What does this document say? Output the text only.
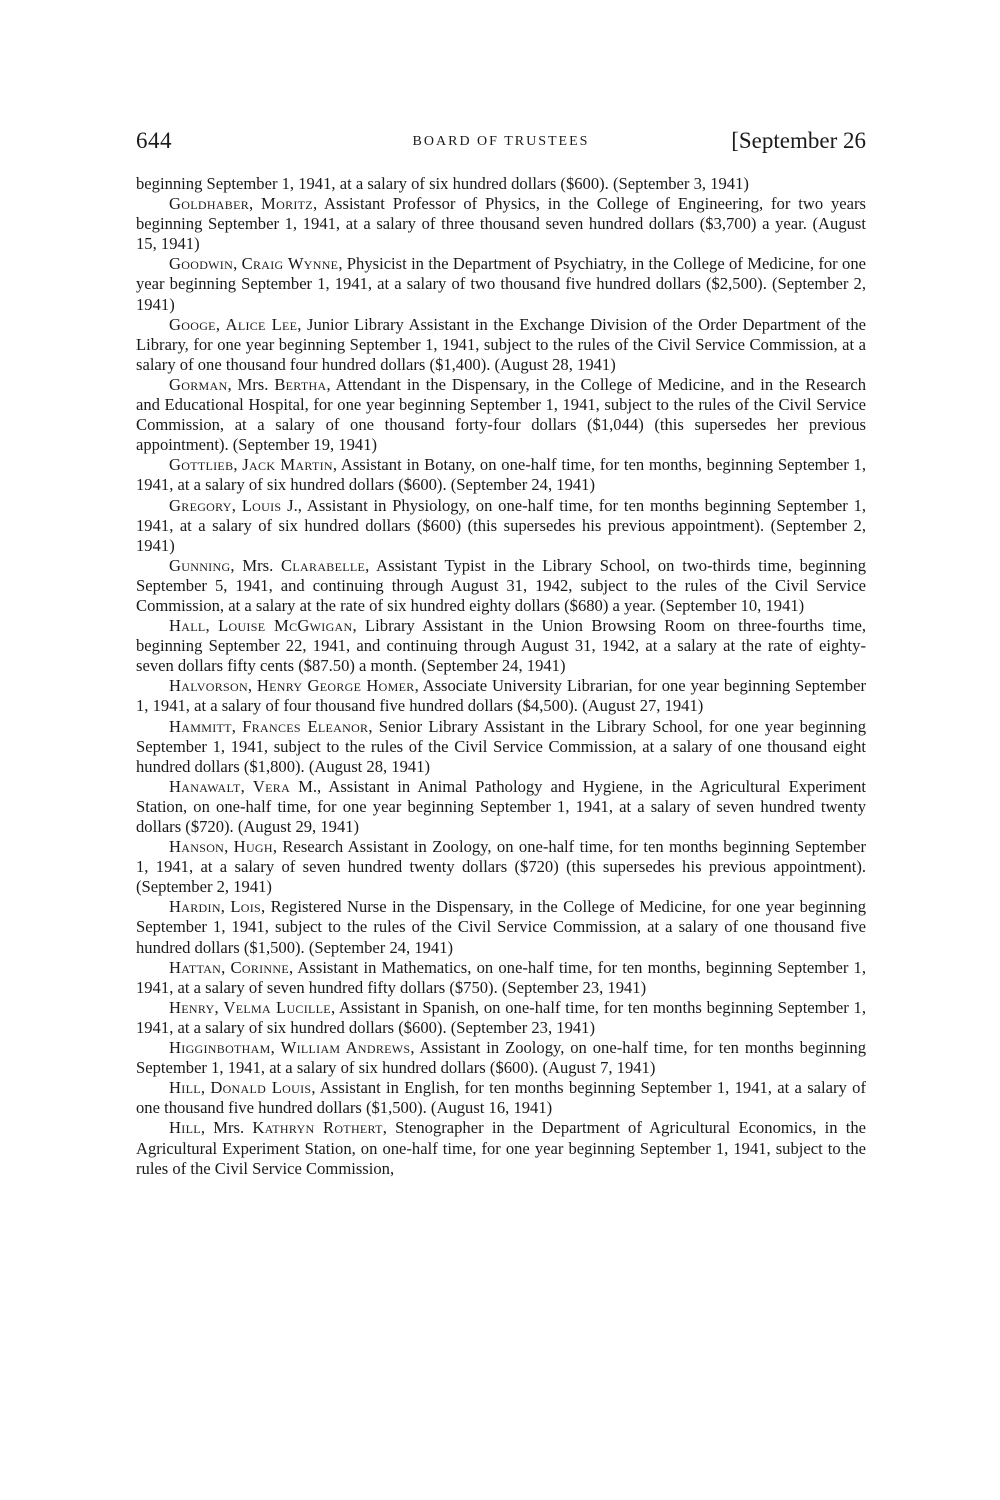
644	BOARD OF TRUSTEES	[September 26

beginning September 1, 1941, at a salary of six hundred dollars ($600). (September 3, 1941)

Goldhaber, Moritz, Assistant Professor of Physics, in the College of Engineering, for two years beginning September 1, 1941, at a salary of three thousand seven hundred dollars ($3,700) a year. (August 15, 1941)

Goodwin, Craig Wynne, Physicist in the Department of Psychiatry, in the College of Medicine, for one year beginning September 1, 1941, at a salary of two thousand five hundred dollars ($2,500). (September 2, 1941)

Googe, Alice Lee, Junior Library Assistant in the Exchange Division of the Order Department of the Library, for one year beginning September 1, 1941, subject to the rules of the Civil Service Commission, at a salary of one thousand four hundred dollars ($1,400). (August 28, 1941)

Gorman, Mrs. Bertha, Attendant in the Dispensary, in the College of Medicine, and in the Research and Educational Hospital, for one year beginning September 1, 1941, subject to the rules of the Civil Service Commission, at a salary of one thousand forty-four dollars ($1,044) (this supersedes her previous appointment). (September 19, 1941)

Gottlieb, Jack Martin, Assistant in Botany, on one-half time, for ten months, beginning September 1, 1941, at a salary of six hundred dollars ($600). (September 24, 1941)

Gregory, Louis J., Assistant in Physiology, on one-half time, for ten months beginning September 1, 1941, at a salary of six hundred dollars ($600) (this supersedes his previous appointment). (September 2, 1941)

Gunning, Mrs. Clarabelle, Assistant Typist in the Library School, on two-thirds time, beginning September 5, 1941, and continuing through August 31, 1942, subject to the rules of the Civil Service Commission, at a salary at the rate of six hundred eighty dollars ($680) a year. (September 10, 1941)

Hall, Louise McGwigan, Library Assistant in the Union Browsing Room on three-fourths time, beginning September 22, 1941, and continuing through August 31, 1942, at a salary at the rate of eighty-seven dollars fifty cents ($87.50) a month. (September 24, 1941)

Halvorson, Henry George Homer, Associate University Librarian, for one year beginning September 1, 1941, at a salary of four thousand five hundred dollars ($4,500). (August 27, 1941)

Hammitt, Frances Eleanor, Senior Library Assistant in the Library School, for one year beginning September 1, 1941, subject to the rules of the Civil Service Commission, at a salary of one thousand eight hundred dollars ($1,800). (August 28, 1941)

Hanawalt, Vera M., Assistant in Animal Pathology and Hygiene, in the Agricultural Experiment Station, on one-half time, for one year beginning September 1, 1941, at a salary of seven hundred twenty dollars ($720). (August 29, 1941)

Hanson, Hugh, Research Assistant in Zoology, on one-half time, for ten months beginning September 1, 1941, at a salary of seven hundred twenty dollars ($720) (this supersedes his previous appointment). (September 2, 1941)

Hardin, Lois, Registered Nurse in the Dispensary, in the College of Medicine, for one year beginning September 1, 1941, subject to the rules of the Civil Service Commission, at a salary of one thousand five hundred dollars ($1,500). (September 24, 1941)

Hattan, Corinne, Assistant in Mathematics, on one-half time, for ten months, beginning September 1, 1941, at a salary of seven hundred fifty dollars ($750). (September 23, 1941)

Henry, Velma Lucille, Assistant in Spanish, on one-half time, for ten months beginning September 1, 1941, at a salary of six hundred dollars ($600). (September 23, 1941)

Higginbotham, William Andrews, Assistant in Zoology, on one-half time, for ten months beginning September 1, 1941, at a salary of six hundred dollars ($600). (August 7, 1941)

Hill, Donald Louis, Assistant in English, for ten months beginning September 1, 1941, at a salary of one thousand five hundred dollars ($1,500). (August 16, 1941)

Hill, Mrs. Kathryn Rothert, Stenographer in the Department of Agricultural Economics, in the Agricultural Experiment Station, on one-half time, for one year beginning September 1, 1941, subject to the rules of the Civil Service Commission,
